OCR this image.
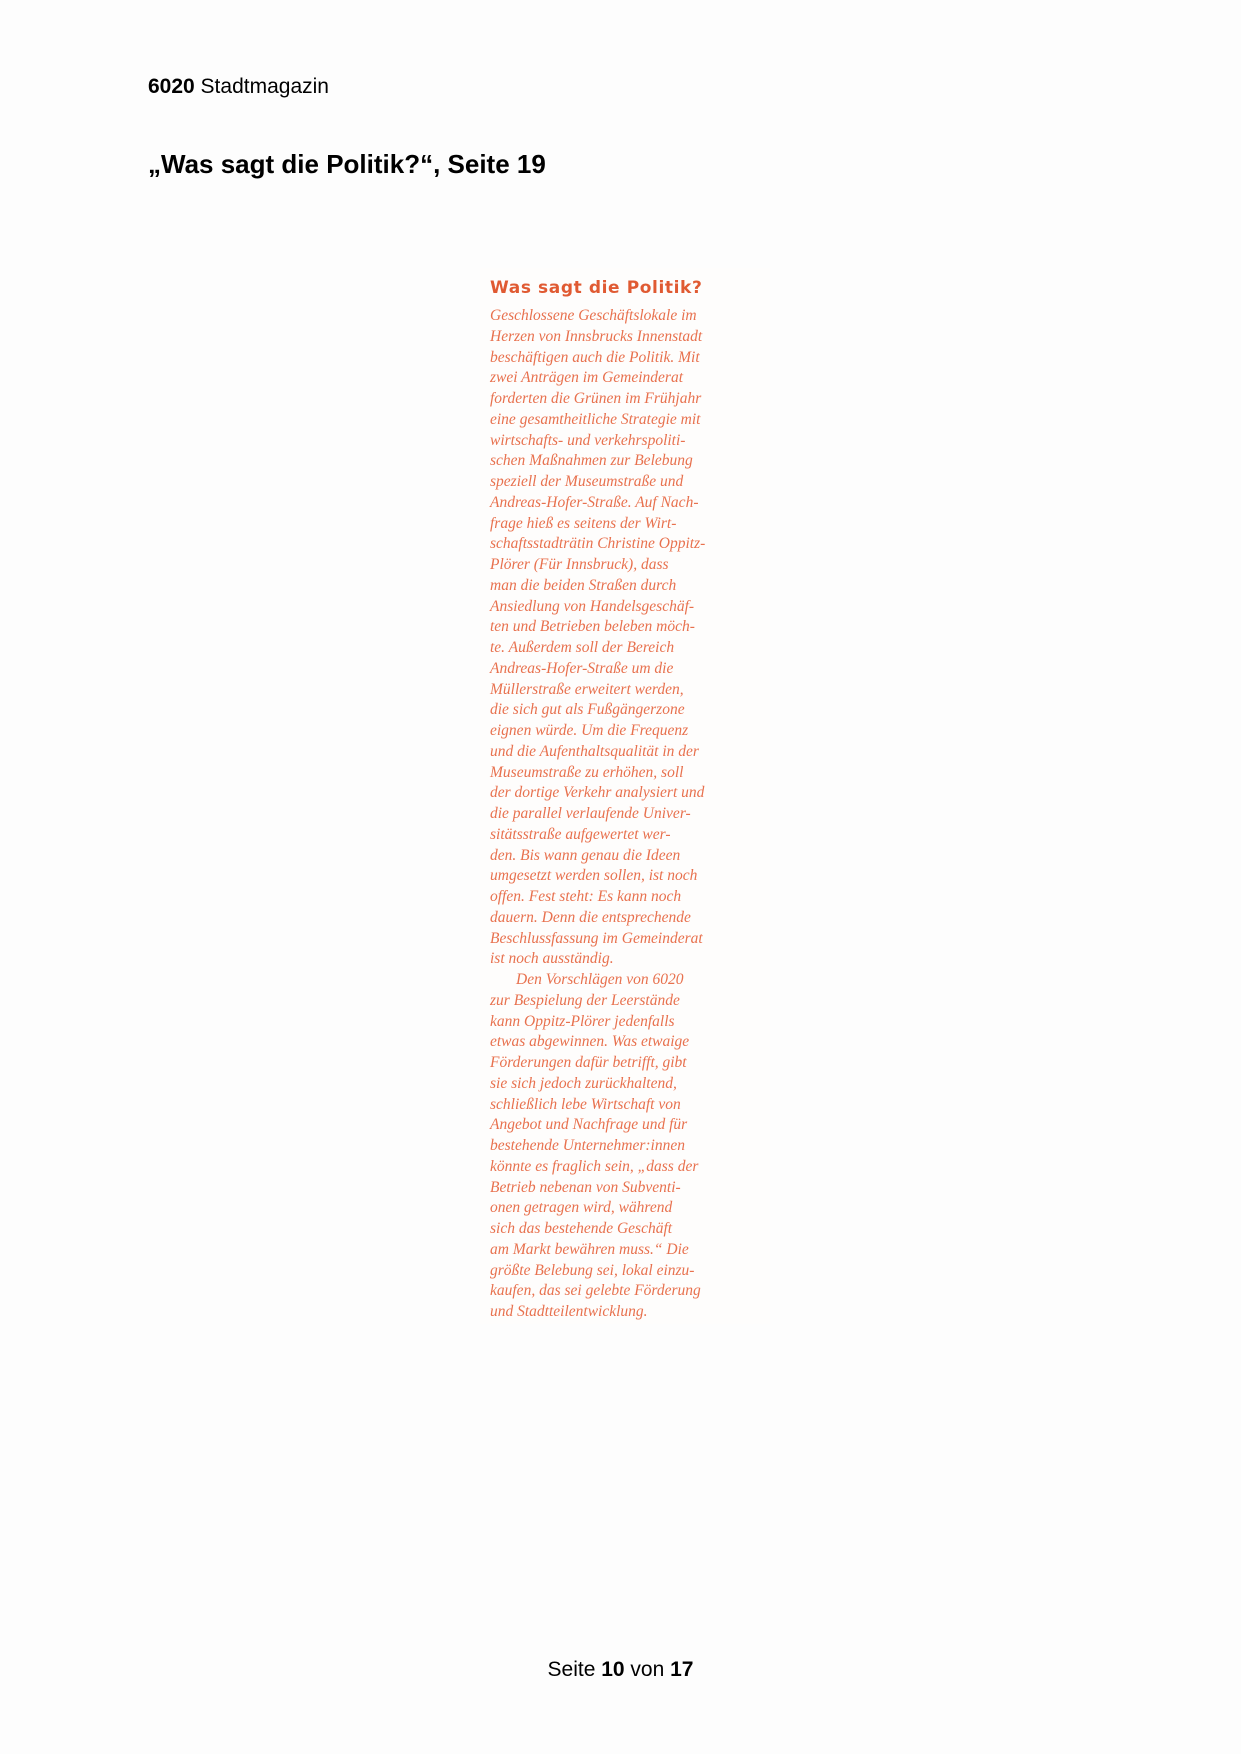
6020 Stadtmagazin
„Was sagt die Politik?“, Seite 19
Was sagt die Politik?
Geschlossene Geschäftslokale im
Herzen von Innsbrucks Innenstadt
beschäftigen auch die Politik. Mit
zwei Anträgen im Gemeinderat
forderten die Grünen im Frühjahr
eine gesamtheitliche Strategie mit
wirtschafts- und verkehrspoliti-
schen Maßnahmen zur Belebung
speziell der Museumstraße und
Andreas-Hofer-Straße. Auf Nach-
frage hieß es seitens der Wirt-
schaftsstadträtin Christine Oppitz-
Plörer (Für Innsbruck), dass
man die beiden Straßen durch
Ansiedlung von Handelsgeschäf-
ten und Betrieben beleben möch-
te. Außerdem soll der Bereich
Andreas-Hofer-Straße um die
Müllerstraße erweitert werden,
die sich gut als Fußgängerzone
eignen würde. Um die Frequenz
und die Aufenthaltsqualität in der
Museumstraße zu erhöhen, soll
der dortige Verkehr analysiert und
die parallel verlaufende Univer-
sitätsstraße aufgewertet wer-
den. Bis wann genau die Ideen
umgesetzt werden sollen, ist noch
offen. Fest steht: Es kann noch
dauern. Denn die entsprechende
Beschlussfassung im Gemeinderat
ist noch ausständig.
Den Vorschlägen von 6020
zur Bespielung der Leerstände
kann Oppitz-Plörer jedenfalls
etwas abgewinnen. Was etwaige
Förderungen dafür betrifft, gibt
sie sich jedoch zurückhaltend,
schließlich lebe Wirtschaft von
Angebot und Nachfrage und für
bestehende Unternehmer:innen
könnte es fraglich sein, „dass der
Betrieb nebenan von Subventi-
onen getragen wird, während
sich das bestehende Geschäft
am Markt bewähren muss.“ Die
größte Belebung sei, lokal einzu-
kaufen, das sei gelebte Förderung
und Stadtteilentwicklung.
Seite 10 von 17
